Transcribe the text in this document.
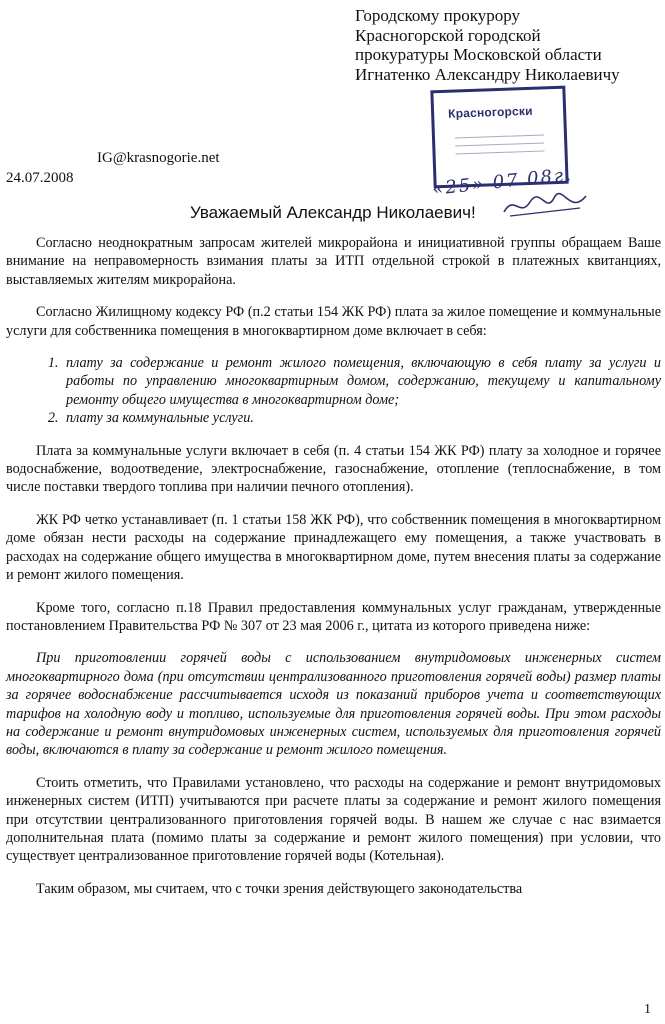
Городскому прокурору
Красногорской городской
прокуратуры Московской области
Игнатенко Александру Николаевичу
Красногорски
«25» 07 08г.
IG@krasnogorie.net
24.07.2008
Уважаемый Александр Николаевич!

Согласно неоднократным запросам жителей микрорайона и инициативной группы обращаем Ваше внимание на неправомерность взимания платы за ИТП отдельной строкой в платежных квитанциях, выставляемых жителям микрорайона.

Согласно Жилищному кодексу РФ (п.2 статьи 154 ЖК РФ) плата за жилое помещение и коммунальные услуги для собственника помещения в многоквартирном доме включает в себя:

1. плату за содержание и ремонт жилого помещения, включающую в себя плату за услуги и работы по управлению многоквартирным домом, содержанию, текущему и капитальному ремонту общего имущества в многоквартирном доме;
2. плату за коммунальные услуги.

Плата за коммунальные услуги включает в себя (п. 4 статьи 154 ЖК РФ) плату за холодное и горячее водоснабжение, водоотведение, электроснабжение, газоснабжение, отопление (теплоснабжение, в том числе поставки твердого топлива при наличии печного отопления).

ЖК РФ четко устанавливает (п. 1 статьи 158 ЖК РФ), что собственник помещения в многоквартирном доме обязан нести расходы на содержание принадлежащего ему помещения, а также участвовать в расходах на содержание общего имущества в многоквартирном доме, путем внесения платы за содержание и ремонт жилого помещения.

Кроме того, согласно п.18 Правил предоставления коммунальных услуг гражданам, утвержденные постановлением Правительства РФ № 307 от 23 мая 2006 г., цитата из которого приведена ниже:

При приготовлении горячей воды с использованием внутридомовых инженерных систем многоквартирного дома (при отсутствии централизованного приготовления горячей воды) размер платы за горячее водоснабжение рассчитывается исходя из показаний приборов учета и соответствующих тарифов на холодную воду и топливо, используемые для приготовления горячей воды. При этом расходы на содержание и ремонт внутридомовых инженерных систем, используемых для приготовления горячей воды, включаются в плату за содержание и ремонт жилого помещения.

Стоить отметить, что Правилами установлено, что расходы на содержание и ремонт внутридомовых инженерных систем (ИТП) учитываются при расчете платы за содержание и ремонт жилого помещения при отсутствии централизованного приготовления горячей воды. В нашем же случае с нас взимается дополнительная плата (помимо платы за содержание и ремонт жилого помещения) при условии, что существует централизованное приготовление горячей воды (Котельная).

Таким образом, мы считаем, что с точки зрения действующего законодательства

1
